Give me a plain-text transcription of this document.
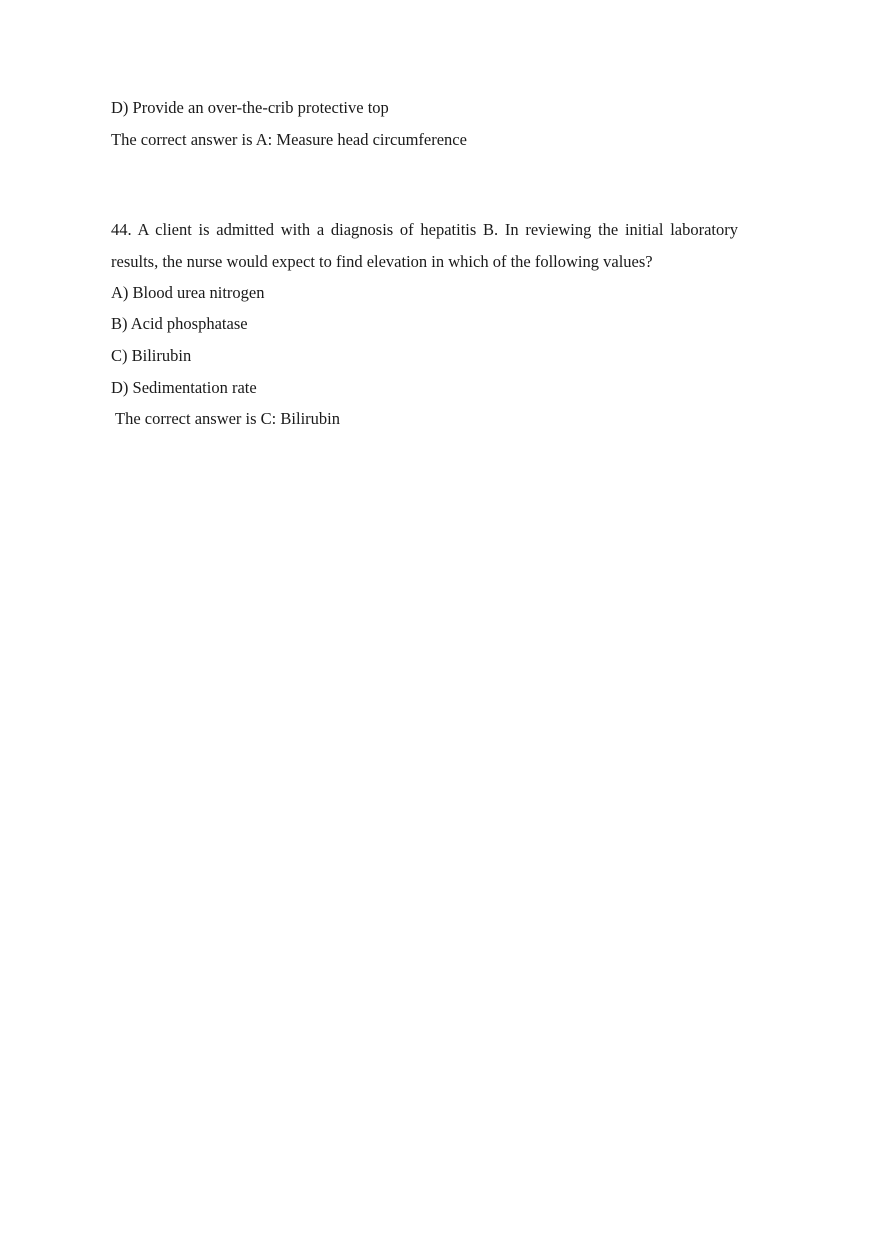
D) Provide an over-the-crib protective top
The correct answer is A: Measure head circumference
44. A client is admitted with a diagnosis of hepatitis B. In reviewing the initial laboratory
results, the nurse would expect to find elevation in which of the following values?
A) Blood urea nitrogen
B) Acid phosphatase
C) Bilirubin
D) Sedimentation rate
The correct answer is C: Bilirubin
